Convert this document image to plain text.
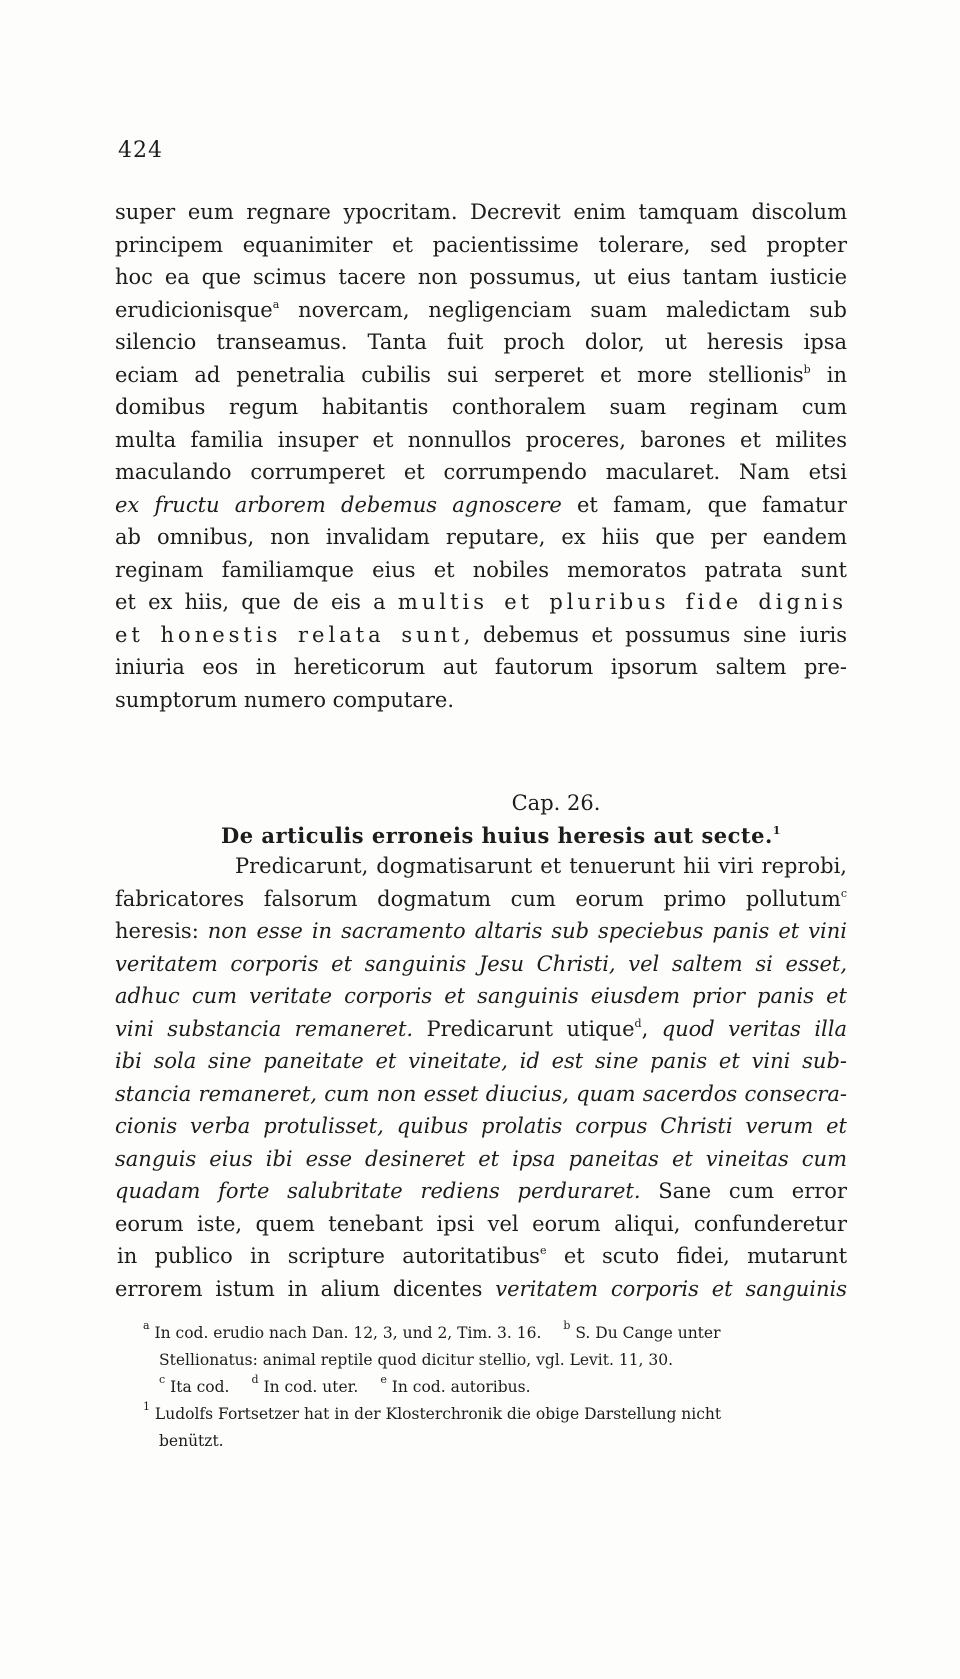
424
super eum regnare ypocritam. Decrevit enim tamquam discolum
principem equanimiter et pacientissime tolerare, sed propter
hoc ea que scimus tacere non possumus, ut eius tantam iusticie
erudicionisque$^a$ novercam, negligenciam suam maledictam sub
silencio transeamus. Tanta fuit proch dolor, ut heresis ipsa
eciam ad penetralia cubilis sui serperet et more stellionis$^b$ in
domibus regum habitantis conthoralem suam reginam cum
multa familia insuper et nonnullos proceres, barones et milites
maculando corrumperet et corrumpendo macularet. Nam etsi
ex fructu arborem debemus agnoscere et famam, que famatur
ab omnibus, non invalidam reputare, ex hiis que per eandem
reginam familiamque eius et nobiles memoratos patrata sunt
et ex hiis, que de eis a multis et pluribus fide dignis
et honestis relata sunt, debemus et possumus sine iuris
iniuria eos in hereticorum aut fautorum ipsorum saltem pre-
sumptorum numero computare.
Cap. 26.
De articulis erroneis huius heresis aut secte.$^1$
Predicarunt, dogmatisarunt et tenuerunt hii viri reprobi,
fabricatores falsorum dogmatum cum eorum primo pollutum$^c$
heresis: non esse in sacramento altaris sub speciebus panis et vini
veritatem corporis et sanguinis Jesu Christi, vel saltem si esset,
adhuc cum veritate corporis et sanguinis eiusdem prior panis et
vini substancia remaneret. Predicarunt utique$^d$, quod veritas illa
ibi sola sine paneitate et vineitate, id est sine panis et vini sub-
stancia remaneret, cum non esset diucius, quam sacerdos consecra-
cionis verba protulisset, quibus prolatis corpus Christi verum et
sanguis eius ibi esse desineret et ipsa paneitas et vineitas cum
quadam forte salubritate rediens perduraret. Sane cum error
eorum iste, quem tenebant ipsi vel eorum aliqui, confunderetur
in publico in scripture autoritatibus$^e$ et scuto fidei, mutarunt
errorem istum in alium dicentes veritatem corporis et sanguinis
$^a$ In cod. erudio nach Dan. 12, 3, und 2, Tim. 3. 16. $^b$ S. Du Cange unter
Stellionatus: animal reptile quod dicitur stellio, vgl. Levit. 11, 30.
$^c$ Ita cod. $^d$ In cod. uter. $^e$ In cod. autoribus.
$^1$ Ludolfs Fortsetzer hat in der Klosterchronik die obige Darstellung nicht
benützt.
